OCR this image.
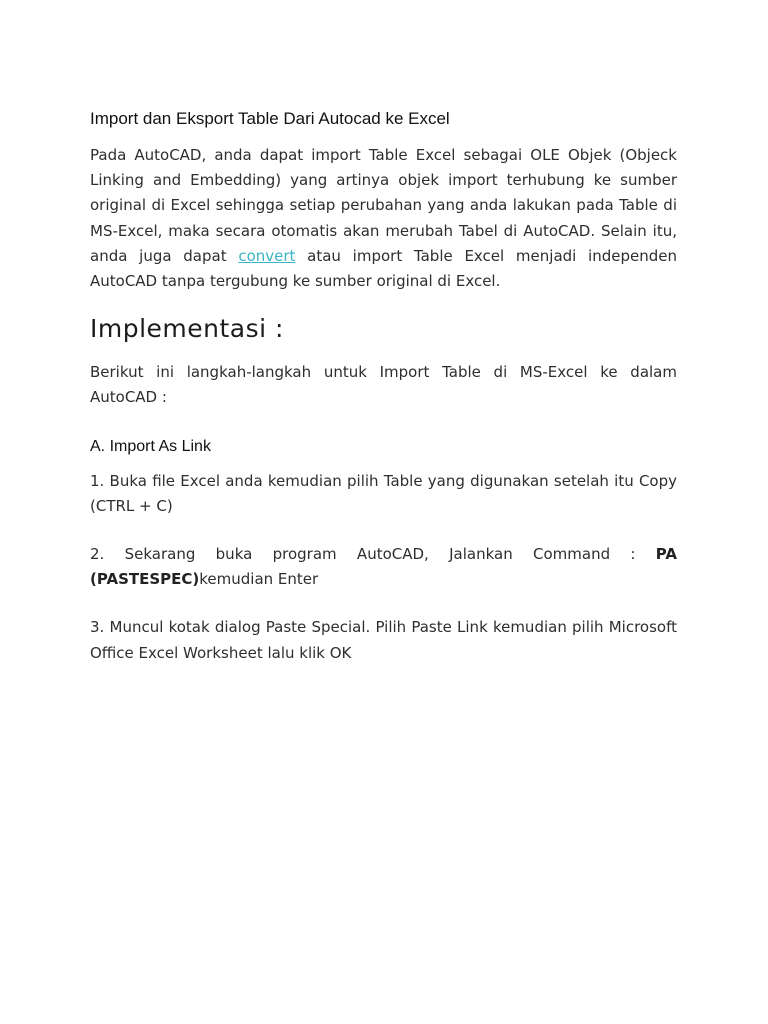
Import dan Eksport Table Dari Autocad ke Excel

Pada AutoCAD, anda dapat import Table Excel sebagai OLE Objek (Objeck Linking and Embedding) yang artinya objek import terhubung ke sumber original di Excel sehingga setiap perubahan yang anda lakukan pada Table di MS-Excel, maka secara otomatis akan merubah Tabel di AutoCAD. Selain itu, anda juga dapat convert atau import Table Excel menjadi independen AutoCAD tanpa tergubung ke sumber original di Excel.

Implementasi :

Berikut ini langkah-langkah untuk Import Table di MS-Excel ke dalam AutoCAD :

A. Import As Link

1. Buka file Excel anda kemudian pilih Table yang digunakan setelah itu Copy (CTRL + C)

2. Sekarang buka program AutoCAD, Jalankan Command : PA (PASTESPEC)kemudian Enter

3. Muncul kotak dialog Paste Special. Pilih Paste Link kemudian pilih Microsoft Office Excel Worksheet lalu klik OK
